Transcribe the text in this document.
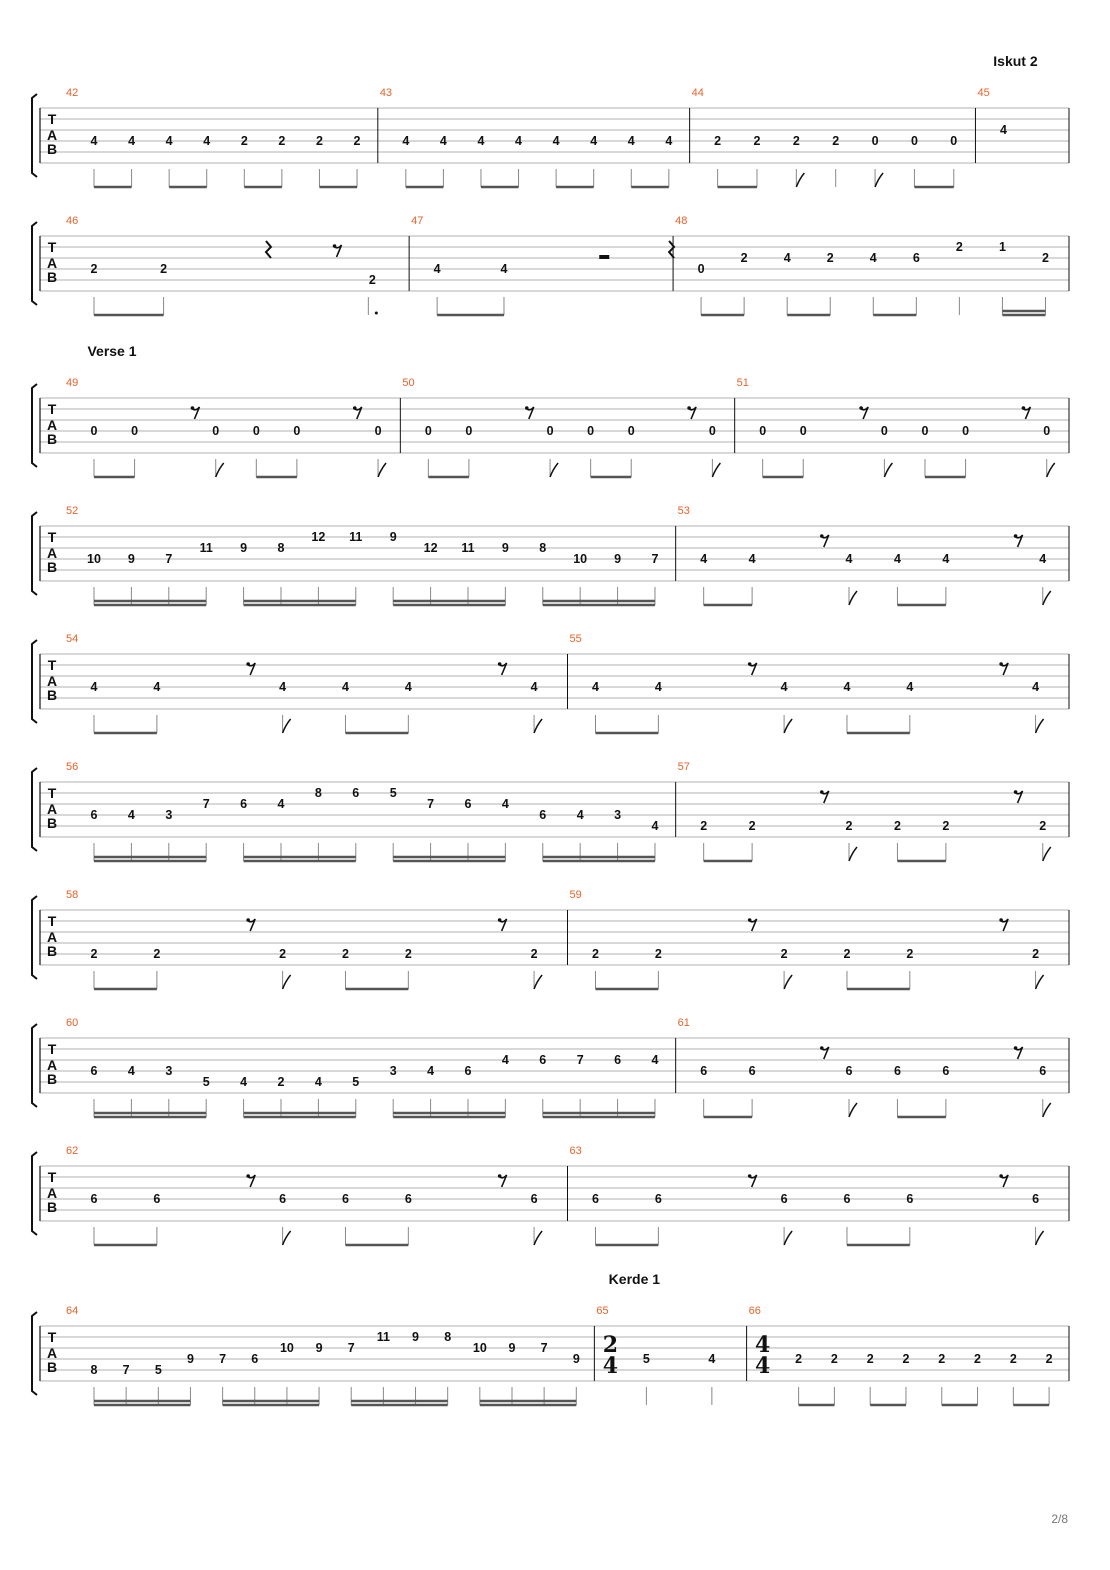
T
A
B
42
4 4 4 4 2 2 2 2
43
4 4 4 4 4 4 4 4
44
2	2	2	2	0	0	0
45
Iskut 2
4
T
A
B
46
2	2
2
47
4	4
48
0
2	4	2	4	6
2	1
2
T
A
B
49
Verse 1
0	0	0	0	0	0
50
0	0	0	0	0	0
51
0	0	0	0	0	0
T
A
B
52
10 9 7
11 9 8
12 11 9
12 11 9 8
10 9 7
53
4	4	4	4	4	4
T
A
B
54
4	4	4	4	4	4
55
4	4	4	4	4	4
T
A
B
56
6 4 3
7 6 4
8 6 5
7 6 4
6 4 3
4
57
2	2	2	2	2	2
T
A
B
58
2	2	2	2	2	2
59
2	2	2	2	2	2
T
A
B
60
6 4 3
5 4 2 4 5
3 4 6
4 6 7 6 4
61
6	6	6	6	6	6
T
A
B
62
6	6	6	6	6	6
63
6	6	6	6	6	6
T
A
B
64
8 7 5
9 7 6
10 9 7
11 9 8
10 9 7
9
65
Kerde 1
2
4 5	4
66
4
4 2 2 2 2 2 2 2 2
2/8
